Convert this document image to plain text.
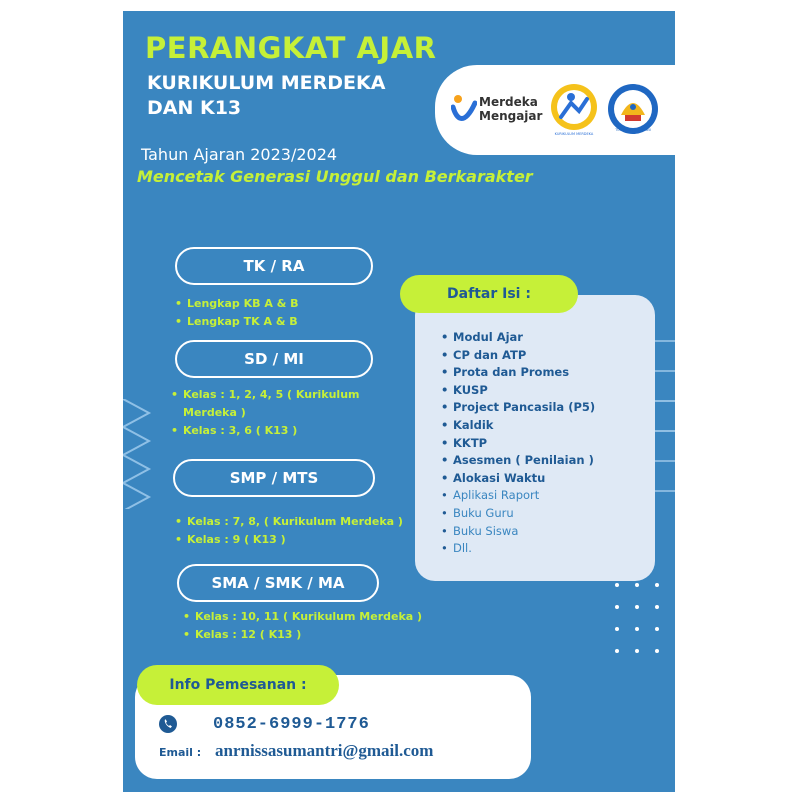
PERANGKAT AJAR
KURIKULUM MERDEKA
DAN K13	Merdeka
Mengajar
KURIKULUM MERDEKA
TUT WURI HANDAYANI
Tahun Ajaran 2023/2024
Mencetak Generasi Unggul dan Berkarakter
TK / RA
• Lengkap KB A & B
• Lengkap TK A & B
SD / MI
• Kelas : 1, 2, 4, 5 ( Kurikulum Merdeka )
• Kelas : 3, 6 ( K13 )
SMP / MTS
• Kelas : 7, 8, ( Kurikulum Merdeka )
• Kelas : 9 ( K13 )
SMA / SMK / MA
• Kelas : 10, 11 ( Kurikulum Merdeka )
• Kelas : 12 ( K13 )
Daftar Isi :
• Modul Ajar
• CP dan ATP
• Prota dan Promes
• KUSP
• Project Pancasila (P5)
• Kaldik
• KKTP
• Asesmen ( Penilaian )
• Alokasi Waktu
• Aplikasi Raport
• Buku Guru
• Buku Siswa
• Dll.
Info Pemesanan :
0852-6999-1776
Email : anrnissasumantri@gmail.com
